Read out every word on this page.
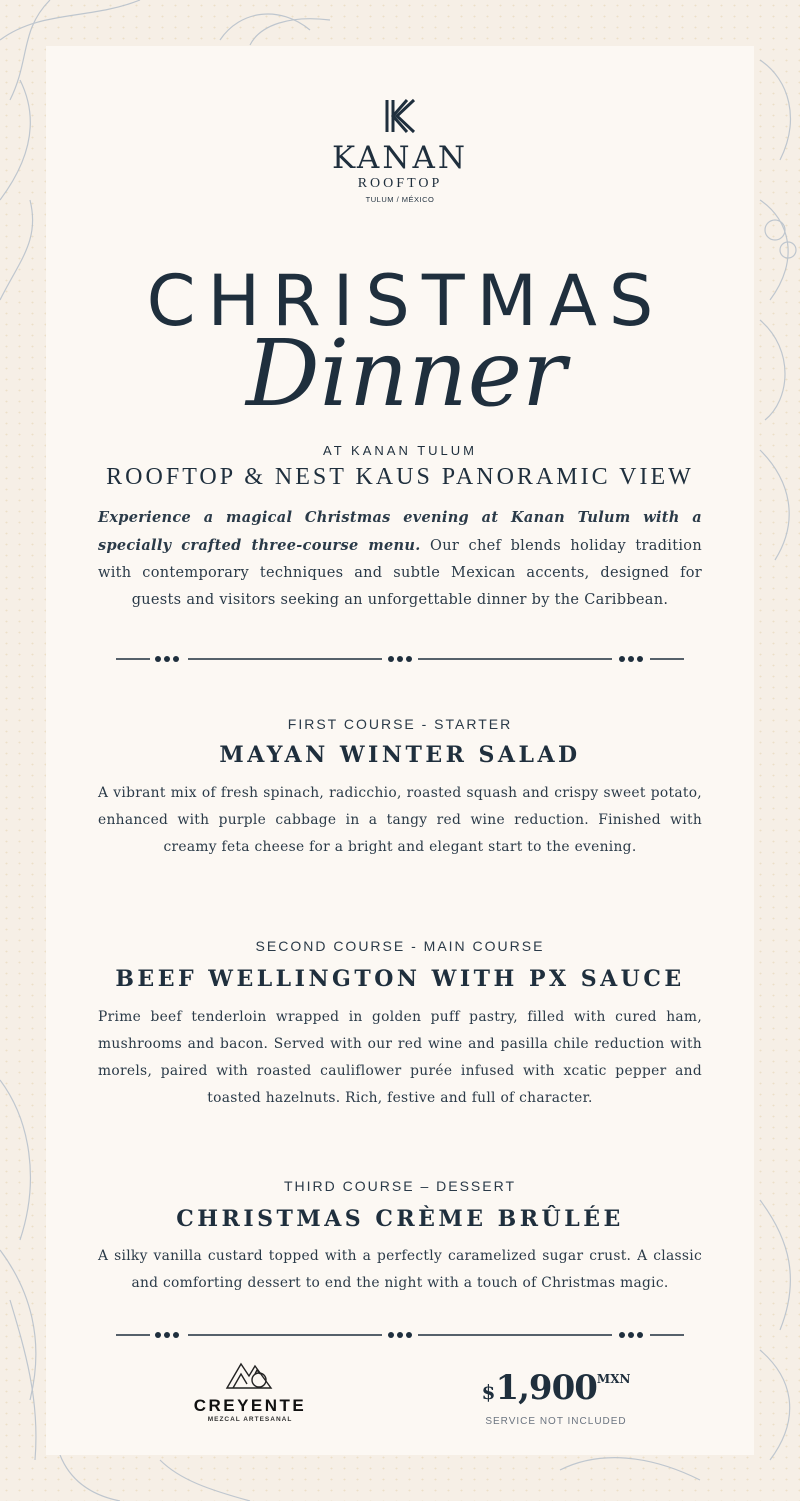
KANAN
ROOFTOP
TULUM / MÉXICO
CHRISTMAS
Dinner
AT KANAN TULUM
ROOFTOP & NEST KAUS PANORAMIC VIEW

Experience a magical Christmas evening at Kanan Tulum with a specially crafted three-course menu. Our chef blends holiday tradition with contemporary techniques and subtle Mexican accents, designed for guests and visitors seeking an unforgettable dinner by the Caribbean.

FIRST COURSE - STARTER
MAYAN WINTER SALAD

A vibrant mix of fresh spinach, radicchio, roasted squash and crispy sweet potato, enhanced with purple cabbage in a tangy red wine reduction. Finished with creamy feta cheese for a bright and elegant start to the evening.

SECOND COURSE - MAIN COURSE
BEEF WELLINGTON WITH PX SAUCE

Prime beef tenderloin wrapped in golden puff pastry, filled with cured ham, mushrooms and bacon. Served with our red wine and pasilla chile reduction with morels, paired with roasted cauliflower purée infused with xcatic pepper and toasted hazelnuts. Rich, festive and full of character.

THIRD COURSE – DESSERT
CHRISTMAS CRÈME BRÛLÉE

A silky vanilla custard topped with a perfectly caramelized sugar crust. A classic and comforting dessert to end the night with a touch of Christmas magic.

CREYENTE
MEZCAL ARTESANAL
$\$1,900^{MXN}$
SERVICE NOT INCLUDED
